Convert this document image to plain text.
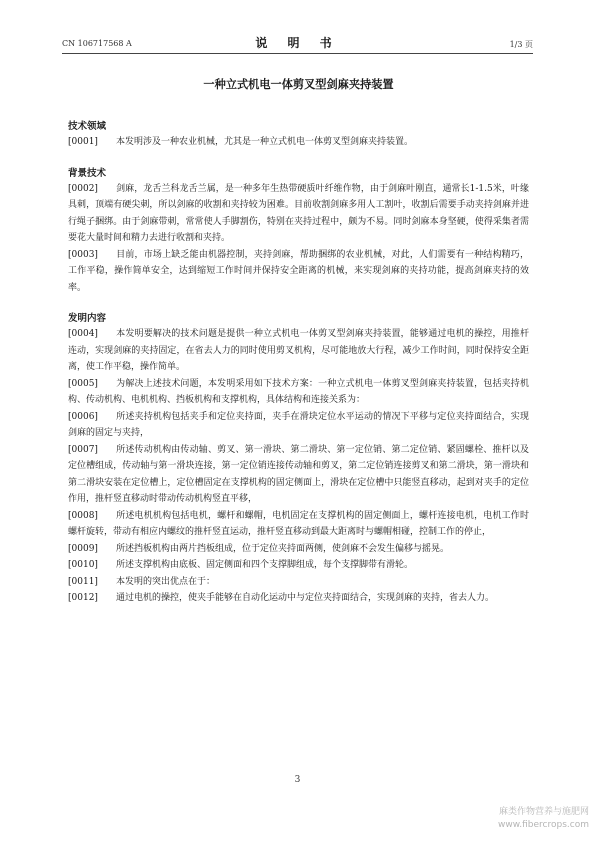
CN 106717568 A	说 明 书	1/3 页
一种立式机电一体剪叉型剑麻夹持装置
技术领域

[0001] 本发明涉及一种农业机械，尤其是一种立式机电一体剪叉型剑麻夹持装置。

背景技术

[0002] 剑麻，龙舌兰科龙舌兰属，是一种多年生热带硬质叶纤维作物，由于剑麻叶刚直，通常长1-1.5米，叶缘具刺，顶端有硬尖刺，所以剑麻的收割和夹持较为困难。目前收割剑麻多用人工割叶，收割后需要手动夹持剑麻并进行绳子捆绑。由于剑麻带刺，常常使人手脚割伤，特别在夹持过程中，颇为不易。同时剑麻本身坚硬，使得采集者需要花大量时间和精力去进行收割和夹持。

[0003] 目前，市场上缺乏能由机器控制，夹持剑麻，帮助捆绑的农业机械，对此，人们需要有一种结构精巧，工作平稳，操作简单安全，达到缩短工作时间并保持安全距离的机械，来实现剑麻的夹持功能，提高剑麻夹持的效率。

发明内容

[0004] 本发明要解决的技术问题是提供一种立式机电一体剪叉型剑麻夹持装置，能够通过电机的操控，用推杆连动，实现剑麻的夹持固定，在省去人力的同时使用剪叉机构，尽可能地放大行程，减少工作时间，同时保持安全距离，使工作平稳，操作简单。

[0005] 为解决上述技术问题，本发明采用如下技术方案：一种立式机电一体剪叉型剑麻夹持装置，包括夹持机构、传动机构、电机机构、挡板机构和支撑机构，具体结构和连接关系为：

[0006] 所述夹持机构包括夹手和定位夹持面，夹手在滑块定位水平运动的情况下平移与定位夹持面结合，实现剑麻的固定与夹持，

[0007] 所述传动机构由传动轴、剪叉、第一滑块、第二滑块、第一定位销、第二定位销、紧固螺栓、推杆以及定位槽组成，传动轴与第一滑块连接，第一定位销连接传动轴和剪叉，第二定位销连接剪叉和第二滑块，第一滑块和第二滑块安装在定位槽上，定位槽固定在支撑机构的固定侧面上，滑块在定位槽中只能竖直移动，起到对夹手的定位作用，推杆竖直移动时带动传动机构竖直平移，

[0008] 所述电机机构包括电机，螺杆和螺帽，电机固定在支撑机构的固定侧面上，螺杆连接电机，电机工作时螺杆旋转，带动有相应内螺纹的推杆竖直运动，推杆竖直移动到最大距离时与螺帽相碰，控制工作的停止，

[0009] 所述挡板机构由两片挡板组成，位于定位夹持面两侧，使剑麻不会发生偏移与摇晃。

[0010] 所述支撑机构由底板、固定侧面和四个支撑脚组成，每个支撑脚带有滑轮。

[0011] 本发明的突出优点在于：

[0012] 通过电机的操控，使夹手能够在自动化运动中与定位夹持面结合，实现剑麻的夹持，省去人力。

3
麻类作物营养与施肥网
www.fibercrops.com
